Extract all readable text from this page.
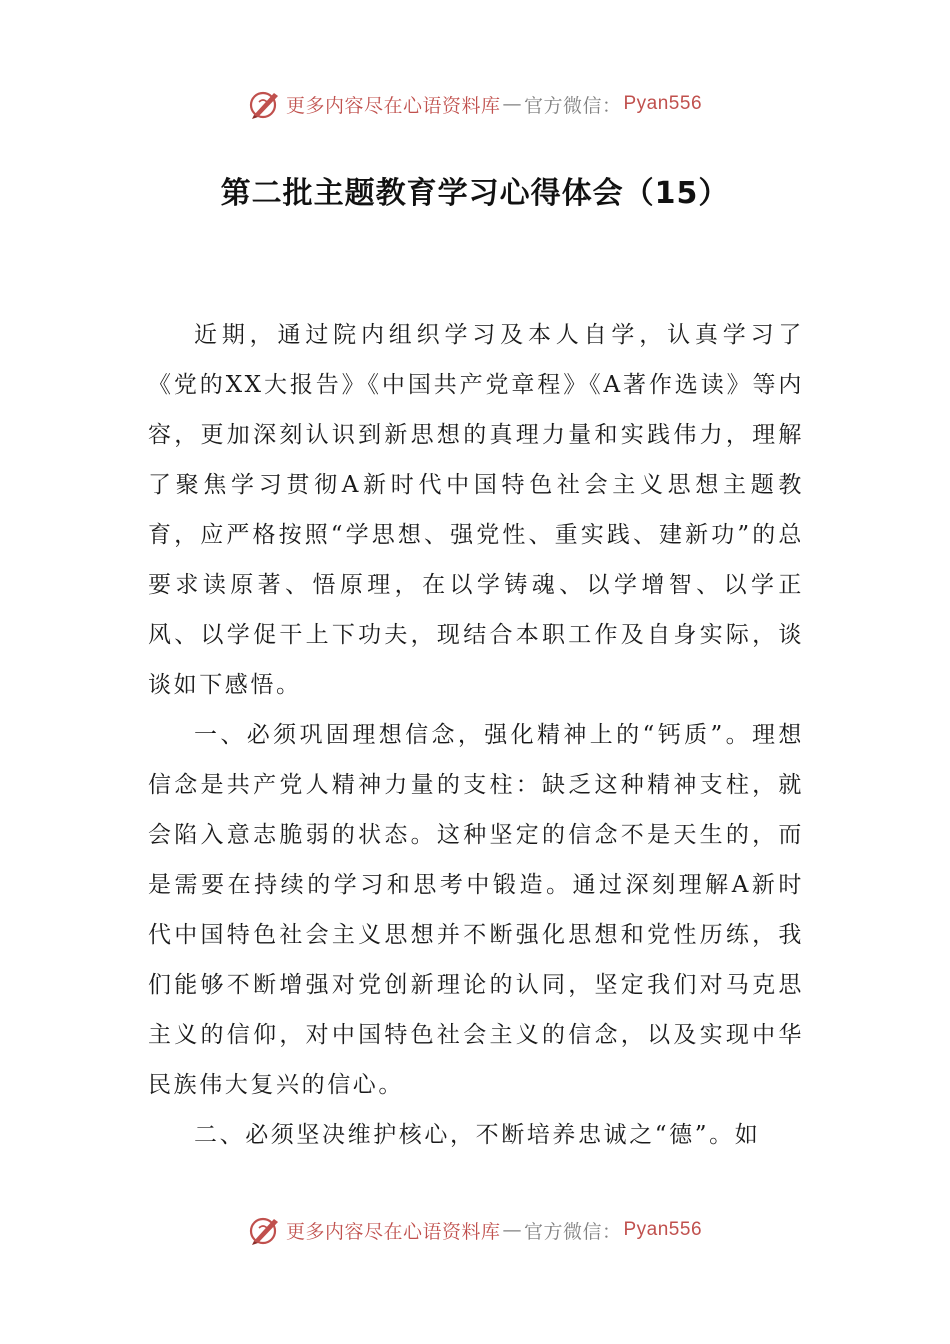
更多内容尽在心语资料库 — 官方微信： Pyan556
第二批主题教育学习心得体会（15）

近期，通过院内组织学习及本人自学，认真学习了《党的XX大报告》《中国共产党章程》《A著作选读》等内容，更加深刻认识到新思想的真理力量和实践伟力，理解了聚焦学习贯彻A新时代中国特色社会主义思想主题教育，应严格按照“学思想、强党性、重实践、建新功”的总要求读原著、悟原理，在以学铸魂、以学增智、以学正风、以学促干上下功夫，现结合本职工作及自身实际，谈谈如下感悟。

一、必须巩固理想信念，强化精神上的“钙质”。理想信念是共产党人精神力量的支柱：缺乏这种精神支柱，就会陷入意志脆弱的状态。这种坚定的信念不是天生的，而是需要在持续的学习和思考中锻造。通过深刻理解A新时代中国特色社会主义思想并不断强化思想和党性历练，我们能够不断增强对党创新理论的认同，坚定我们对马克思主义的信仰，对中国特色社会主义的信念，以及实现中华民族伟大复兴的信心。

二、必须坚决维护核心，不断培养忠诚之“德”。如

更多内容尽在心语资料库 — 官方微信： Pyan556
